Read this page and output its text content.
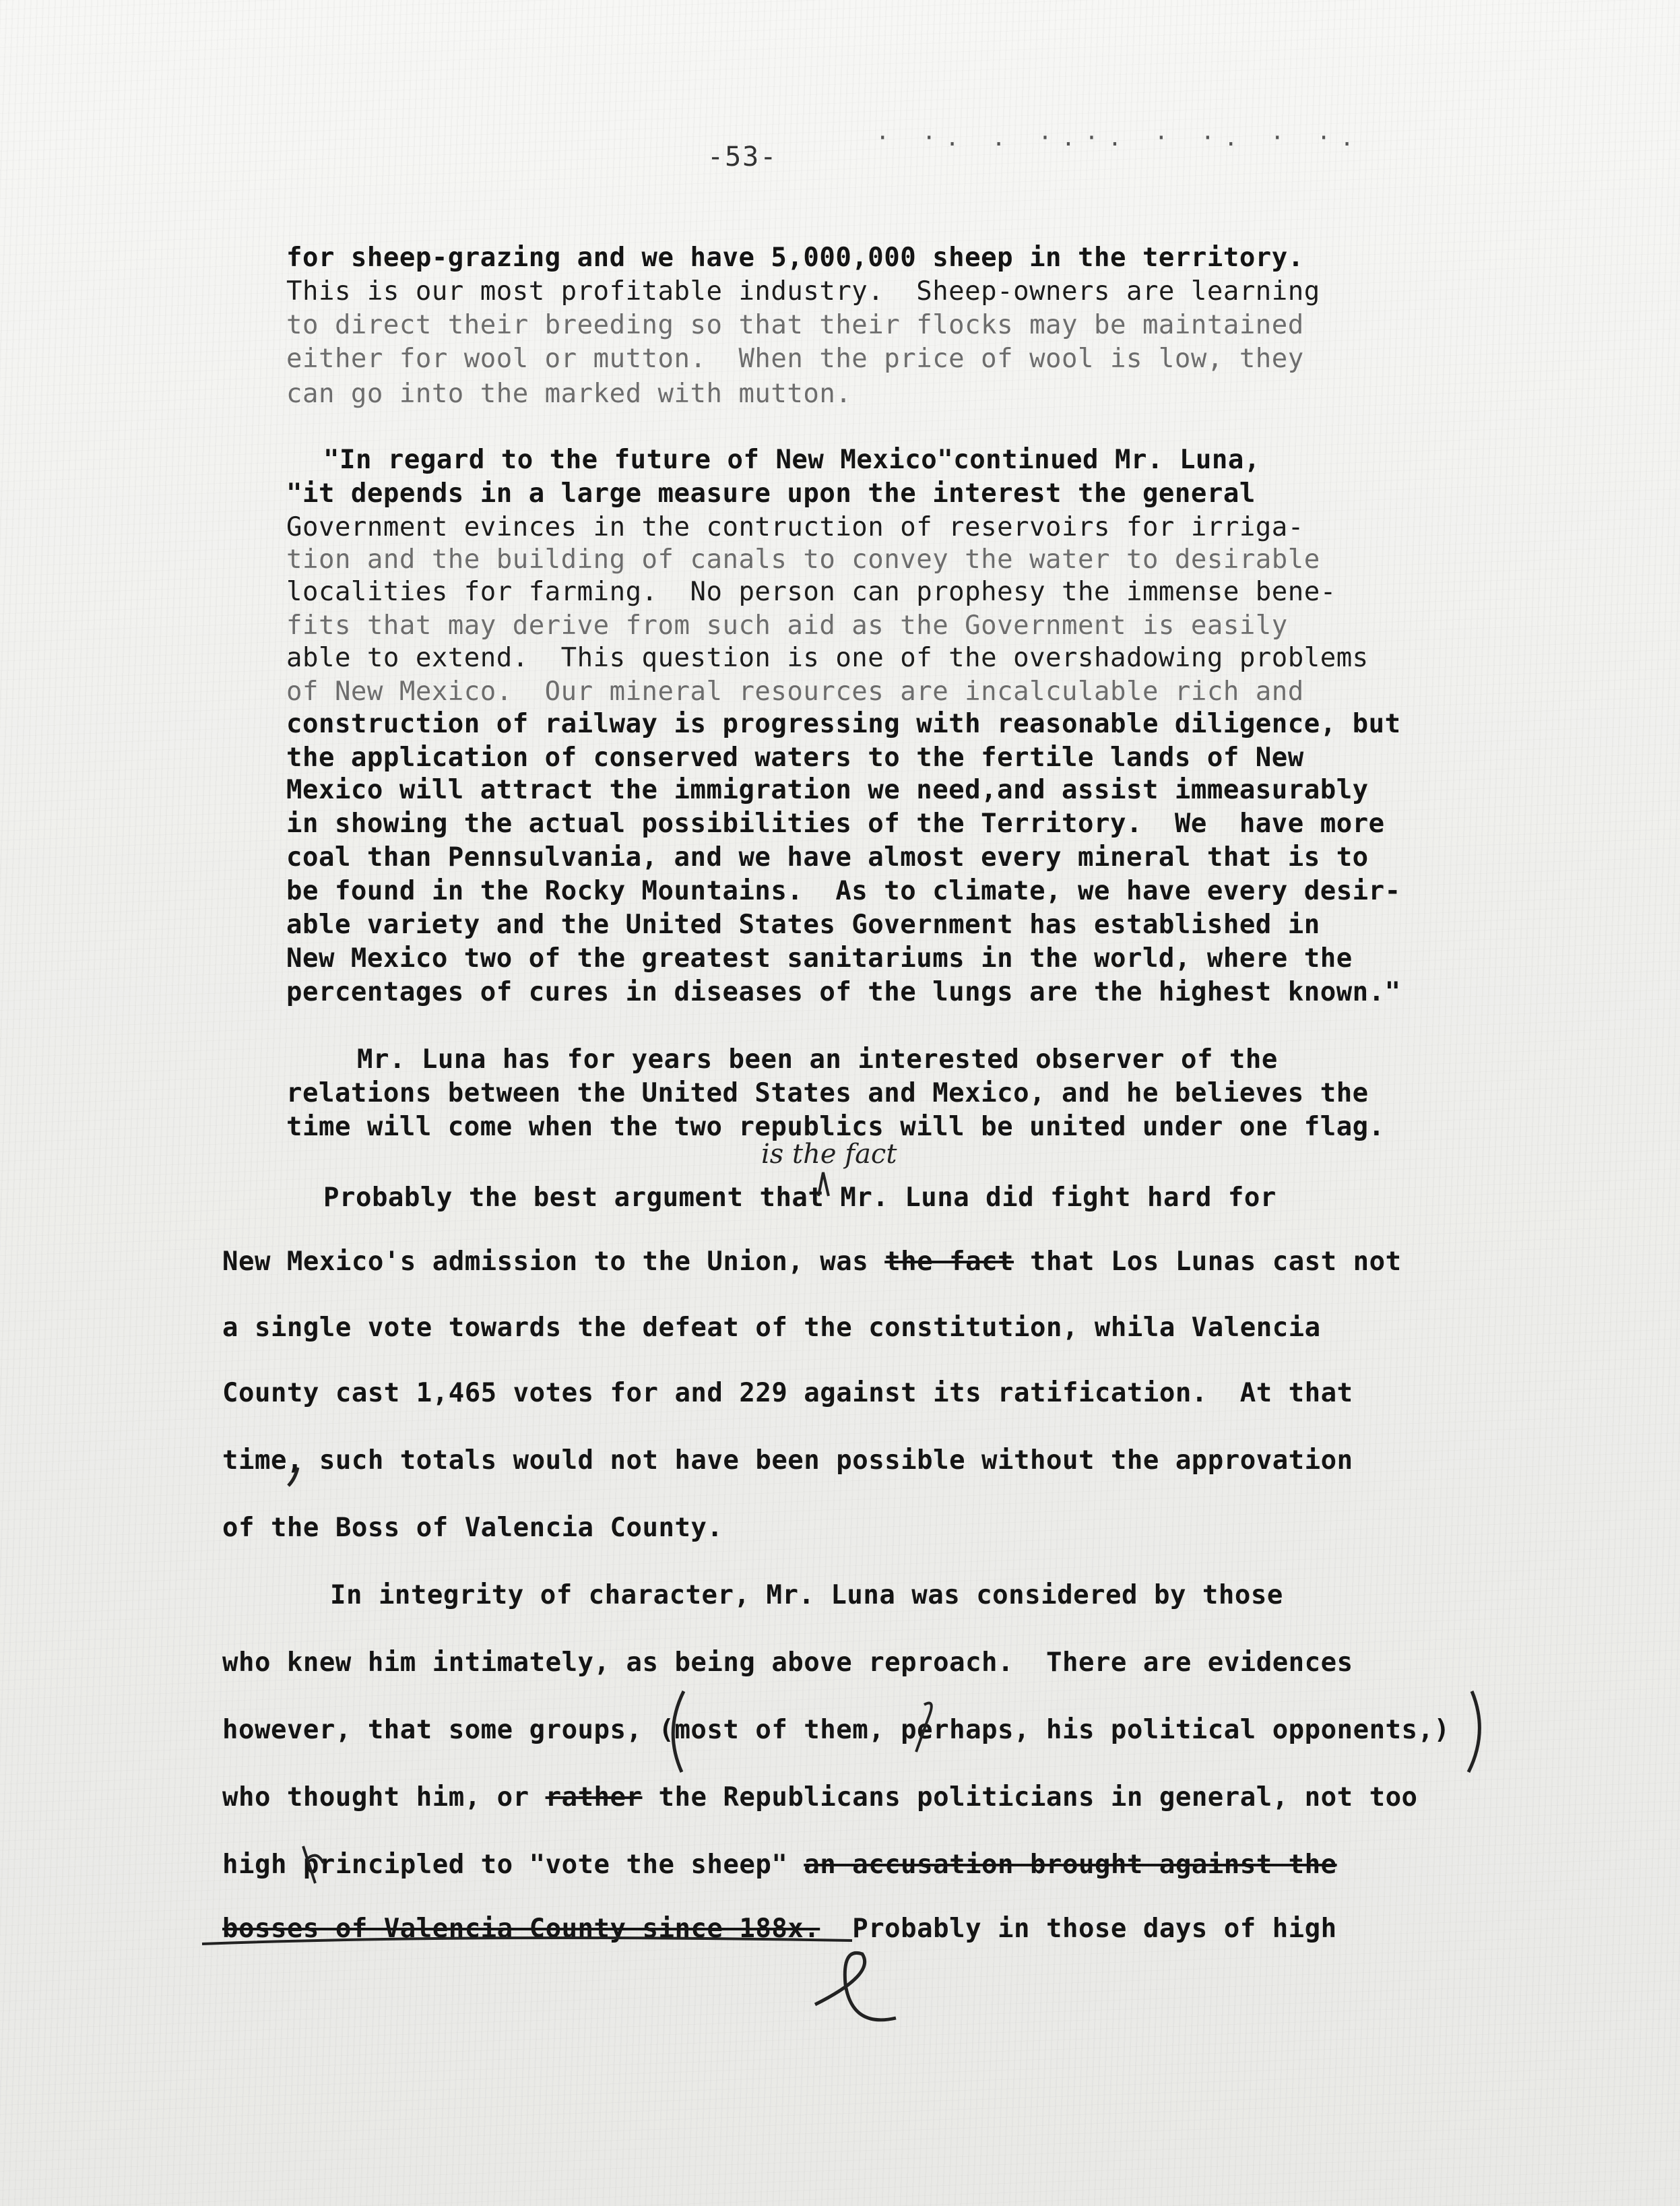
-53-
· ·. . ·.·. · ·. · ·.
for sheep-grazing and we have 5,000,000 sheep in the territory.
This is our most profitable industry.  Sheep-owners are learning
to direct their breeding so that their flocks may be maintained
either for wool or mutton.  When the price of wool is low, they
can go into the marked with mutton.
"In regard to the future of New Mexico"continued Mr. Luna,
"it depends in a large measure upon the interest the general
Government evinces in the contruction of reservoirs for irriga-
tion and the building of canals to convey the water to desirable
localities for farming.  No person can prophesy the immense bene-
fits that may derive from such aid as the Government is easily
able to extend.  This question is one of the overshadowing problems
of New Mexico.  Our mineral resources are incalculable rich and
construction of railway is progressing with reasonable diligence, but
the application of conserved waters to the fertile lands of New
Mexico will attract the immigration we need,and assist immeasurably
in showing the actual possibilities of the Territory.  We  have more
coal than Pennsulvania, and we have almost every mineral that is to
be found in the Rocky Mountains.  As to climate, we have every desir-
able variety and the United States Government has established in
New Mexico two of the greatest sanitariums in the world, where the
percentages of cures in diseases of the lungs are the highest known."
Mr. Luna has for years been an interested observer of the
relations between the United States and Mexico, and he believes the
time will come when the two republics will be united under one flag.
is the fact
Probably the best argument that Mr. Luna did fight hard for
New Mexico's admission to the Union, was the fact that Los Lunas cast not
a single vote towards the defeat of the constitution, whila Valencia
County cast 1,465 votes for and 229 against its ratification.  At that
time, such totals would not have been possible without the approvation
of the Boss of Valencia County.
In integrity of character, Mr. Luna was considered by those
who knew him intimately, as being above reproach.  There are evidences
however, that some groups, (most of them, perhaps, his political opponents,)
who thought him, or rather the Republicans politicians in general, not too
high principled to "vote the sheep" an accusation brought against the
bosses of Valencia County since 188x.  Probably in those days of high
